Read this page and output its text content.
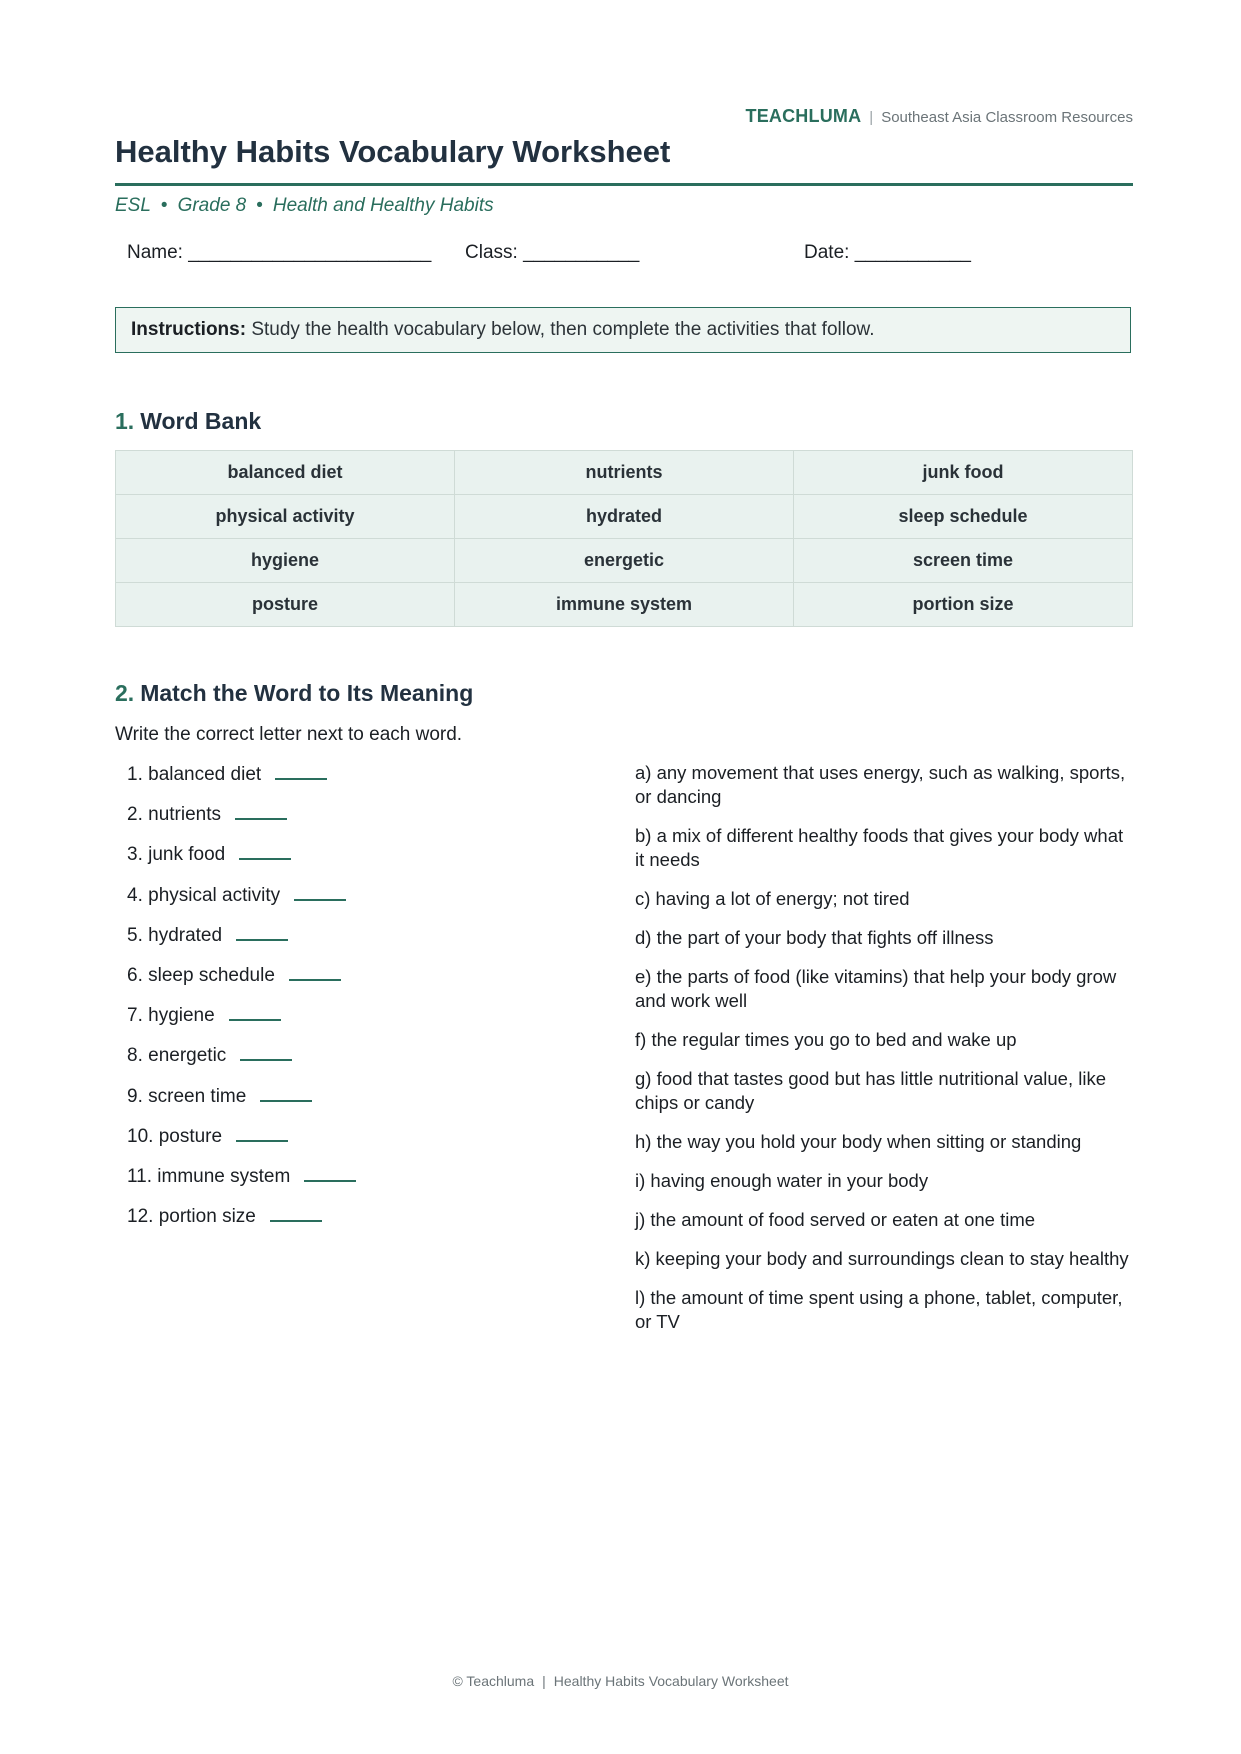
TEACHLUMA | Southeast Asia Classroom Resources
Healthy Habits Vocabulary Worksheet
ESL • Grade 8 • Health and Healthy Habits
Name: _______________________ Class: ___________	Date: ___________
Instructions: Study the health vocabulary below, then complete the activities that follow.
1. Word Bank
balanced diet	nutrients	junk food
physical activity	hydrated	sleep schedule
hygiene	energetic	screen time
posture	immune system	portion size
2. Match the Word to Its Meaning
Write the correct letter next to each word.
1. balanced diet
2. nutrients
3. junk food
4. physical activity
5. hydrated
6. sleep schedule
7. hygiene
8. energetic
9. screen time
10. posture
11. immune system
12. portion size
a) any movement that uses energy, such as walking, sports, or dancing
b) a mix of different healthy foods that gives your body what it needs
c) having a lot of energy; not tired
d) the part of your body that fights off illness
e) the parts of food (like vitamins) that help your body grow and work well
f) the regular times you go to bed and wake up
g) food that tastes good but has little nutritional value, like chips or candy
h) the way you hold your body when sitting or standing
i) having enough water in your body
j) the amount of food served or eaten at one time
k) keeping your body and surroundings clean to stay healthy
l) the amount of time spent using a phone, tablet, computer, or TV
© Teachluma | Healthy Habits Vocabulary Worksheet
